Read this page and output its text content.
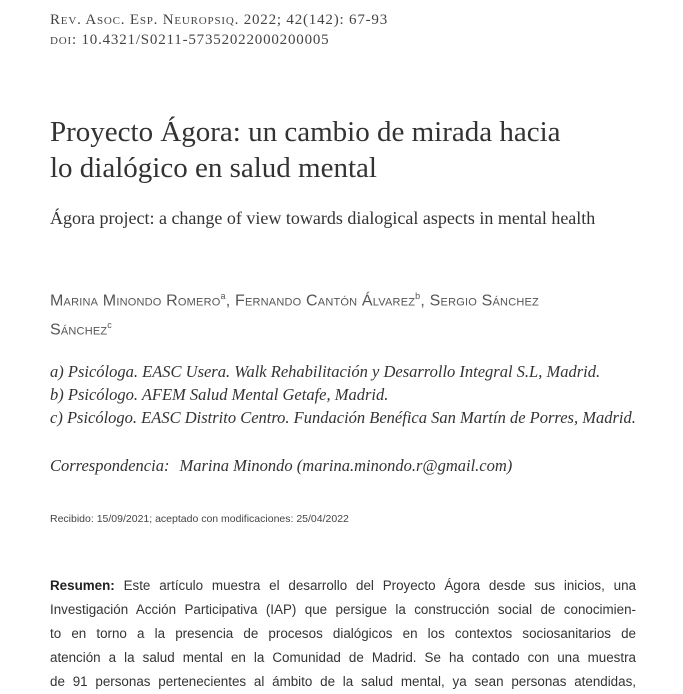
Rev. Asoc. Esp. Neuropsiq. 2022; 42(142): 67-93
doi: 10.4321/S0211-57352022000200005
Proyecto Ágora: un cambio de mirada hacia
lo dialógico en salud mental
Ágora project: a change of view towards dialogical aspects in mental health
Marina Minondo Romero$^a$, Fernando Cantón Álvarez$^b$, Sergio Sánchez
Sánchez$^c$
a) Psicóloga. EASC Usera. Walk Rehabilitación y Desarrollo Integral S.L, Madrid.
b) Psicólogo. AFEM Salud Mental Getafe, Madrid.
c) Psicólogo. EASC Distrito Centro. Fundación Benéfica San Martín de Porres, Madrid.
Correspondencia: Marina Minondo (marina.minondo.r@gmail.com)
Recibido: 15/09/2021; aceptado con modificaciones: 25/04/2022
Resumen: Este artículo muestra el desarrollo del Proyecto Ágora desde sus inicios, una
Investigación Acción Participativa (IAP) que persigue la construcción social de conocimien-
to en torno a la presencia de procesos dialógicos en los contextos sociosanitarios de
atención a la salud mental en la Comunidad de Madrid. Se ha contado con una muestra
de 91 personas pertenecientes al ámbito de la salud mental, ya sean personas atendidas,
